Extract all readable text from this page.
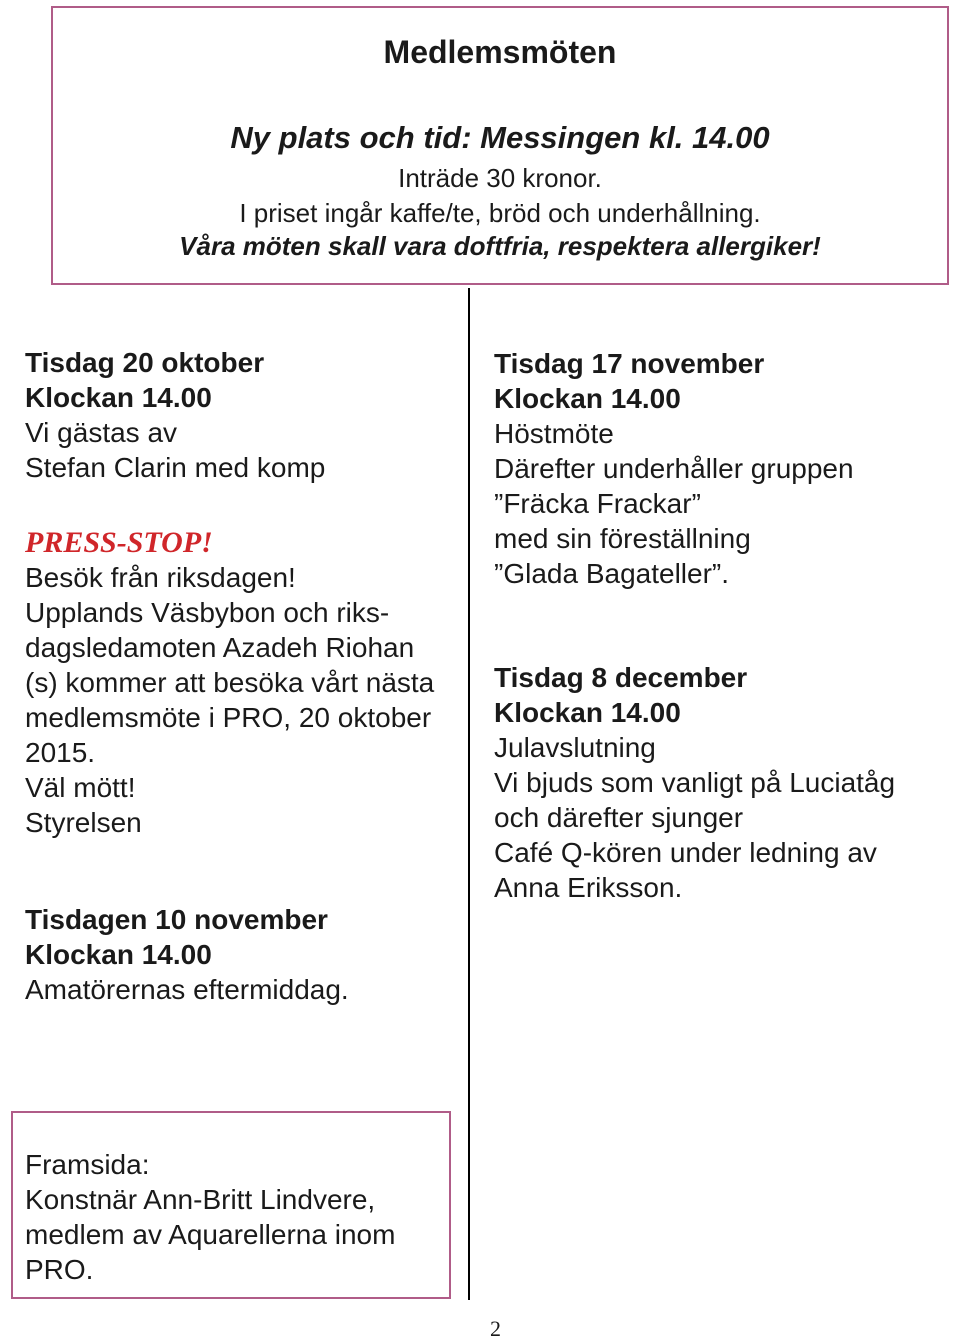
Medlemsmöten
Ny plats och tid: Messingen kl. 14.00
Inträde 30 kronor.
I priset ingår kaffe/te, bröd och underhållning.
Våra möten skall vara doftfria, respektera allergiker!
Tisdag 20 oktober
Klockan 14.00
Vi gästas av
Stefan Clarin med komp
PRESS-STOP!
Besök från riksdagen!
Upplands Väsbybon och riks-
dagsledamoten Azadeh Riohan
(s) kommer att besöka vårt nästa
medlemsmöte i PRO, 20 oktober
2015.
Väl mött!
Styrelsen
Tisdagen 10 november
Klockan 14.00
Amatörernas eftermiddag.
Tisdag 17 november
Klockan 14.00
Höstmöte
Därefter underhåller gruppen
”Fräcka Frackar”
med sin föreställning
”Glada Bagateller”.
Tisdag 8 december
Klockan 14.00
Julavslutning
Vi bjuds som vanligt på Luciatåg
och därefter sjunger
Café Q-kören under ledning av
Anna Eriksson.
Framsida:
Konstnär Ann-Britt Lindvere,
medlem av Aquarellerna inom
PRO.
2
